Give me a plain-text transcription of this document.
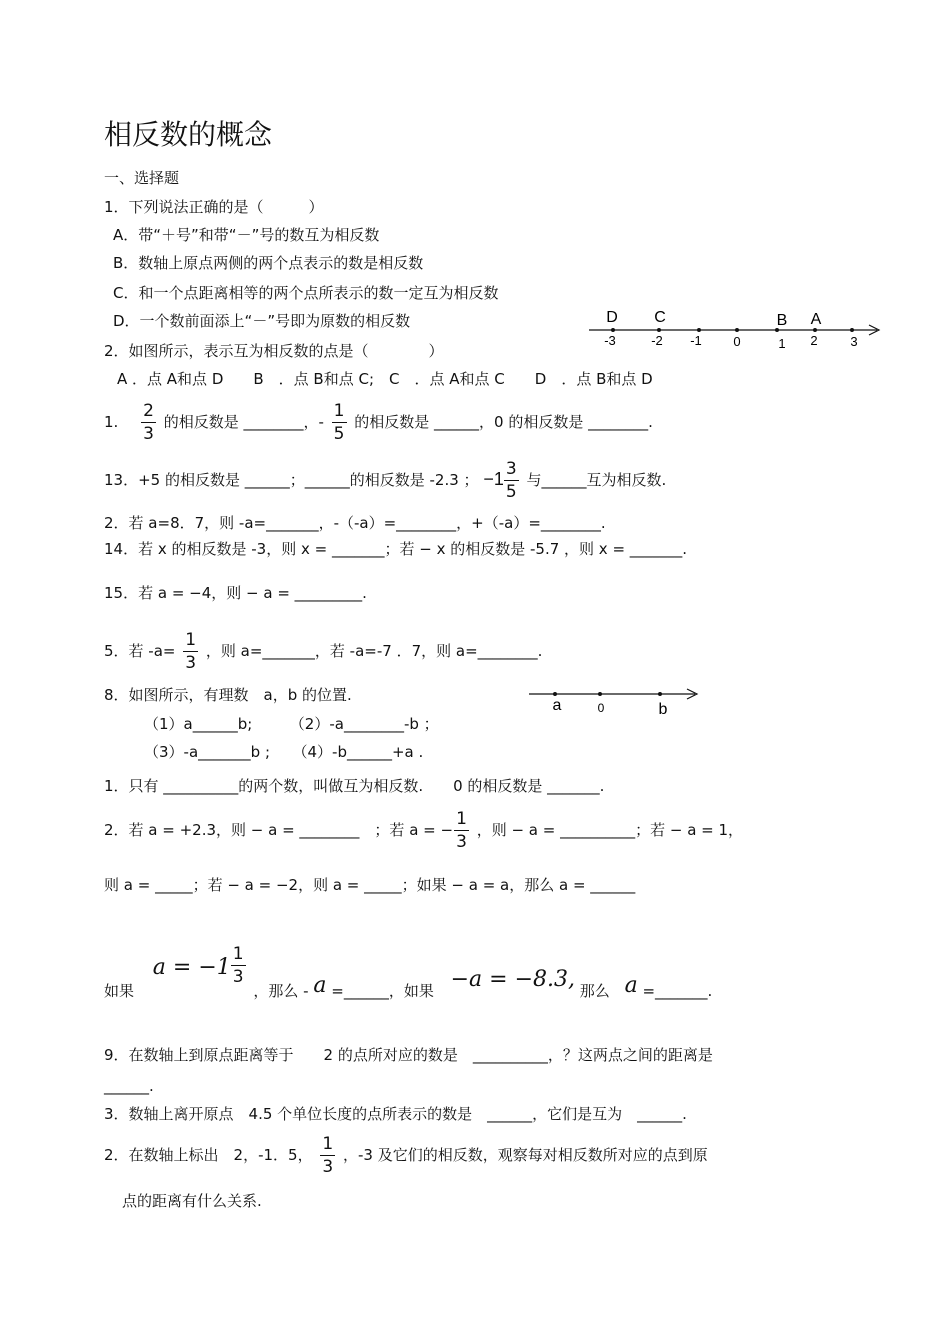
相反数的概念
一、选择题
1．下列说法正确的是（　　　）
A．带“＋号”和带“－”号的数互为相反数
B．数轴上原点两侧的两个点表示的数是相反数
C．和一个点距离相等的两个点所表示的数一定互为相反数
D．一个数前面添上“－”号即为原数的相反数	D C	B A
-3	-2 -1 0	1 2	3
2．如图所示，表示互为相反数的点是（　　　　）
A ．点 A和点 D　　B　．点 B和点 C;　C　．点 A和点 C　　D　．点 B和点 D
1. $\frac{2}{3}$ 的相反数是 ________，- $\frac{1}{5}$ 的相反数是 ______，0 的相反数是 ________.
13．+5 的相反数是 ______；______的相反数是 -2.3 ； $-1 \frac{3}{5}$ 与______互为相反数.
2．若 a=8．7，则 -a=_______，-（-a）=________，+（-a）=________.
14．若 x 的相反数是 -3，则 x = _______；若 − x 的相反数是 -5.7 ，则 x = _______.
15．若 a = −4，则 − a = _________.
5．若 $-a= \frac{1}{3}$ ，则 a=_______，若 -a=-7 ．7，则 a=________.
8．如图所示，有理数　a，b 的位置.
a	0	b
（1）a______b;　　　（2）-a________-b ；
（3）-a_______b ;　　（4）-b______+a .
1．只有 __________的两个数，叫做互为相反数.　　0 的相反数是 _______.
2．若 a = +2.3，则 − a = ________　；若 a = − $\frac{1}{3}$ ，则 − a = __________；若 − a = 1，
则 a = _____；若 − a = −2，则 a = _____；如果 − a = a，那么 a = ______
如果 $a = -1 \frac{1}{3}$
，那么 - a =______，如果 −a = −8.3, 那么 a =_______.
9．在数轴上到原点距离等于　　2 的点所对应的数是　__________，？这两点之间的距离是
______.
3．数轴上离开原点　4.5 个单位长度的点所表示的数是　______，它们是互为　______.
2．在数轴上标出　2，-1．5， $\frac{1}{3}$ ，-3 及它们的相反数，观察每对相反数所对应的点到原
点的距离有什么关系.
